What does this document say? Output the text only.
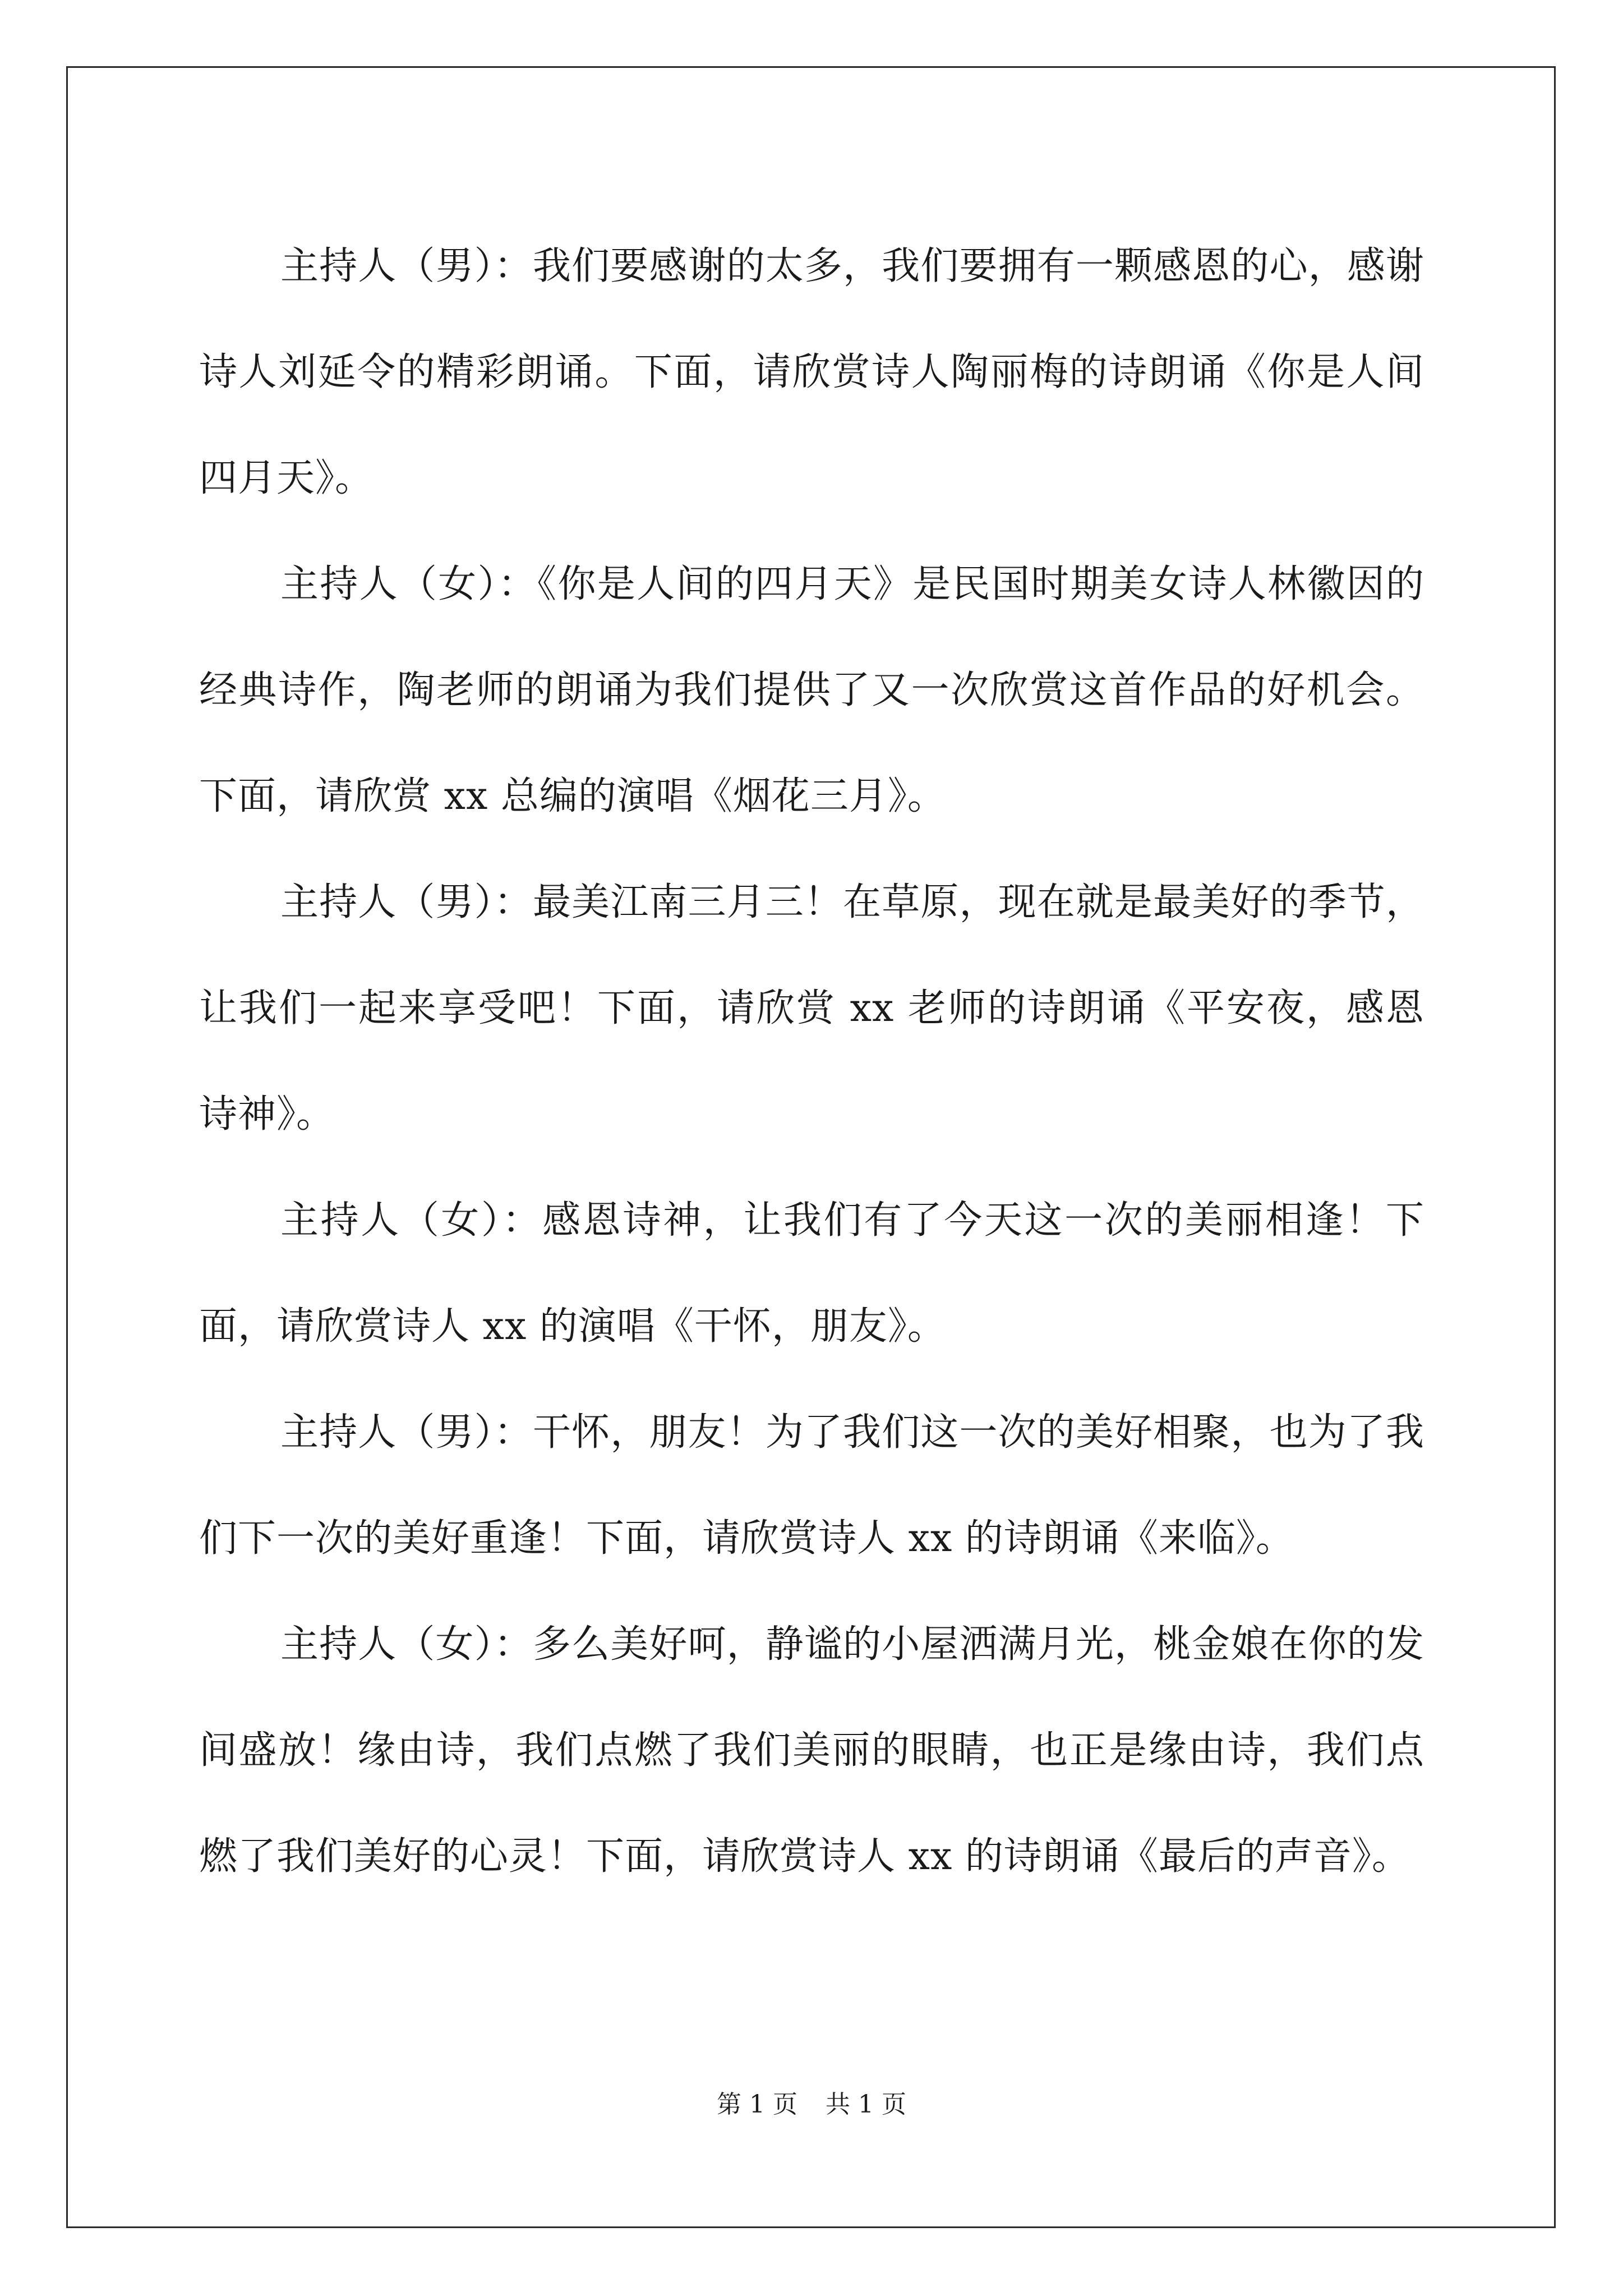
主持人（男）：我们要感谢的太多，我们要拥有一颗感恩的心，感谢诗人刘延令的精彩朗诵。下面，请欣赏诗人陶丽梅的诗朗诵《你是人间四月天》。

主持人（女）：《你是人间的四月天》是民国时期美女诗人林徽因的经典诗作，陶老师的朗诵为我们提供了又一次欣赏这首作品的好机会。下面，请欣赏 xx 总编的演唱《烟花三月》。

主持人（男）：最美江南三月三！在草原，现在就是最美好的季节，让我们一起来享受吧！下面，请欣赏 xx 老师的诗朗诵《平安夜，感恩诗神》。

主持人（女）：感恩诗神，让我们有了今天这一次的美丽相逢！下面，请欣赏诗人 xx 的演唱《干怀，朋友》。

主持人（男）：干怀，朋友！为了我们这一次的美好相聚，也为了我们下一次的美好重逢！下面，请欣赏诗人 xx 的诗朗诵《来临》。

主持人（女）：多么美好呵，静谧的小屋洒满月光，桃金娘在你的发间盛放！缘由诗，我们点燃了我们美丽的眼睛，也正是缘由诗，我们点燃了我们美好的心灵！下面，请欣赏诗人 xx 的诗朗诵《最后的声音》。

第 1 页 共 1 页
